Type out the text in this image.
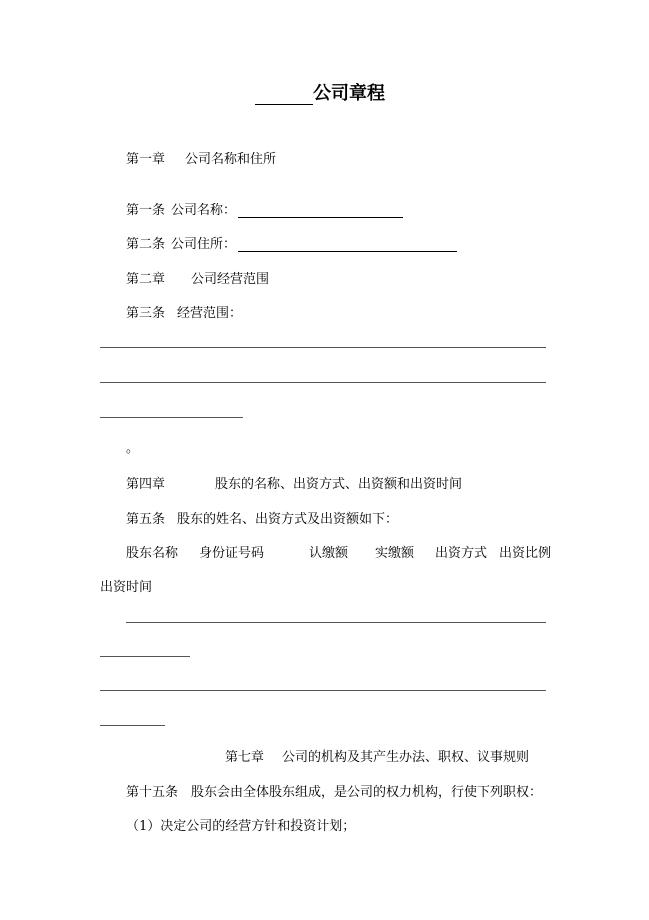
公司章程
第一章 公司名称和住所
第一条 公司名称：
第二条 公司住所：
第二章 公司经营范围
第三条 经营范围：
。
第四章	股东的名称、出资方式、出资额和出资时间
第五条 股东的姓名、出资方式及出资额如下：
股东名称 身份证号码	认缴额 实缴额 出资方式 出资比例
出资时间
第七章 公司的机构及其产生办法、职权、议事规则
第十五条 股东会由全体股东组成，是公司的权力机构，行使下列职权：
（1）决定公司的经营方针和投资计划；
